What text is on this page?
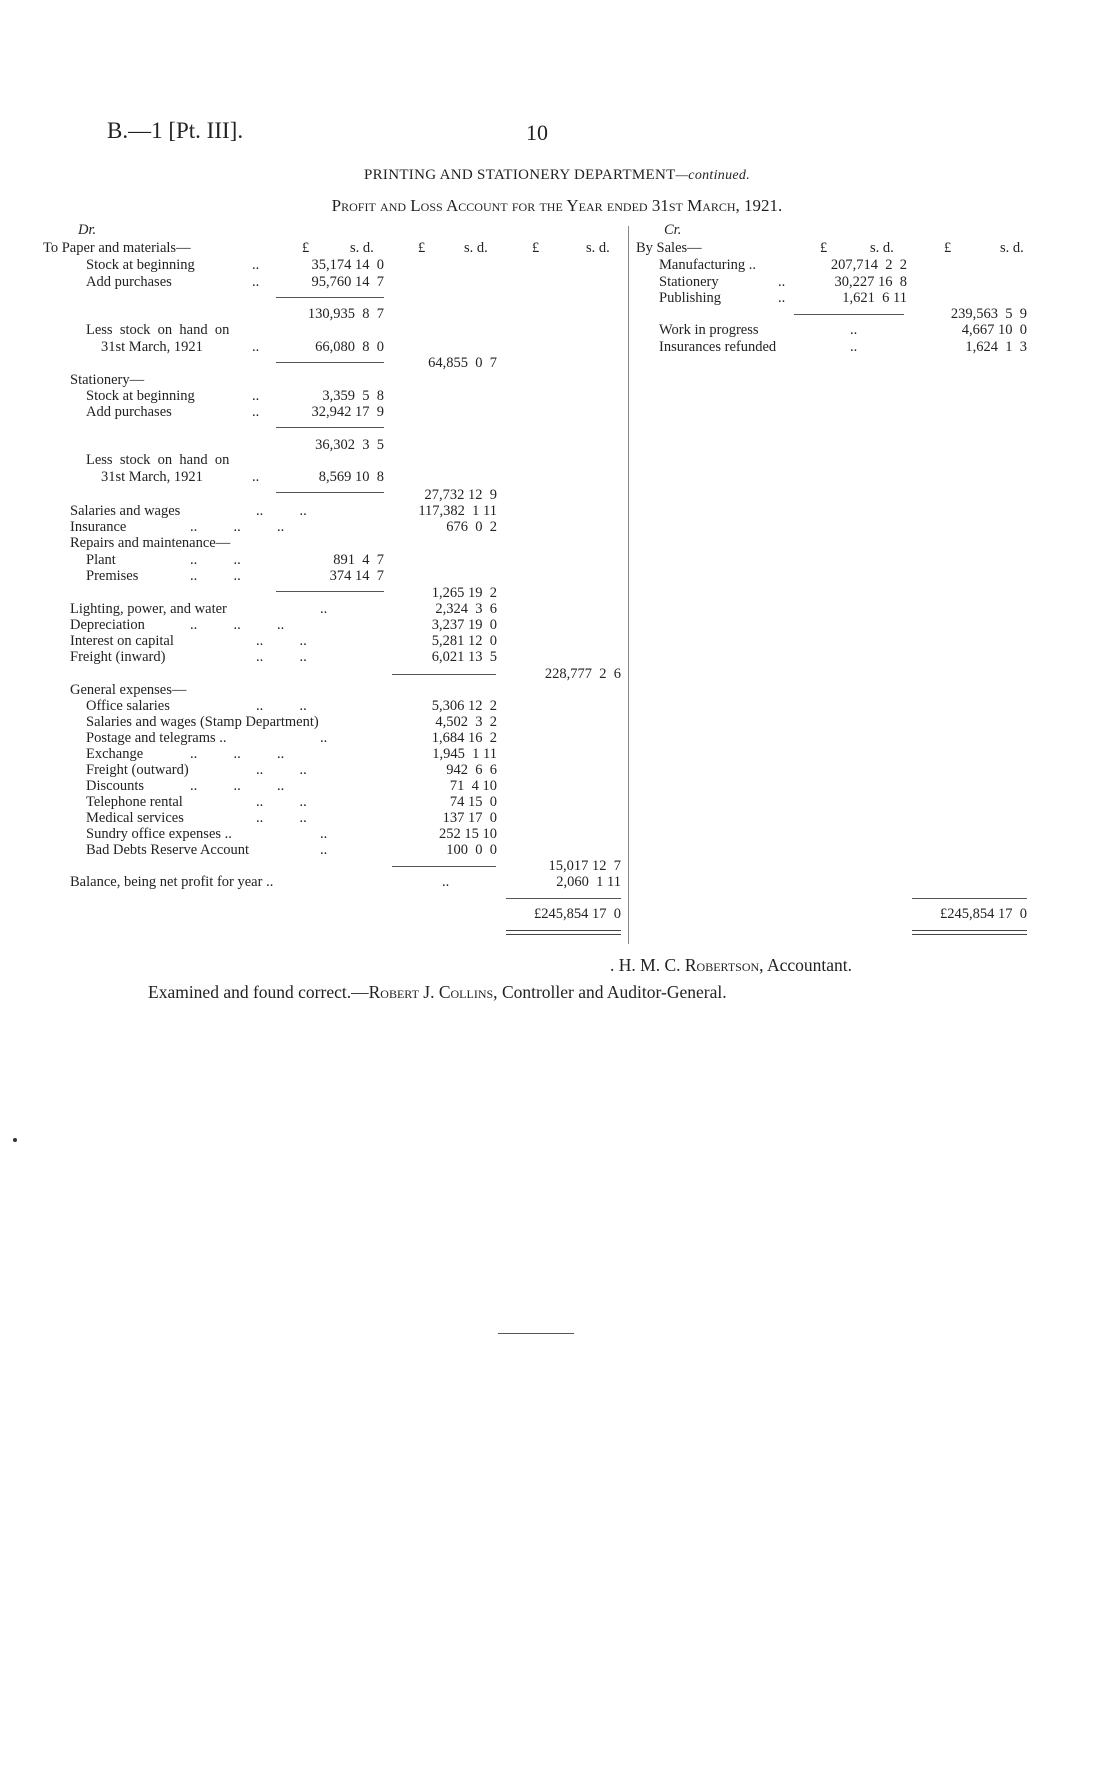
B.—1 [Pt. III].	10
PRINTING AND STATIONERY DEPARTMENT—continued.
Profit and Loss Account for the Year ended 31st March, 1921.
Dr.
£	s. d.	£	s. d.	£	s. d.
To Paper and materials—
Stock at beginning	..	35,174 14  0
Add purchases	..	95,760 14  7
130,935  8  7
Less  stock  on  hand  on
31st March, 1921	..	66,080  8  0
64,855  0  7
Stationery—
Stock at beginning	..	3,359  5  8
Add purchases	..	32,942 17  9
36,302  3  5
Less  stock  on  hand  on
31st March, 1921	..	8,569 10  8
27,732 12  9
Salaries and wages	..          ..	117,382  1 11
Insurance	..          ..          ..	676  0  2
Repairs and maintenance—
Plant	..          ..	891  4  7
Premises	..          ..	374 14  7
1,265 19  2
Lighting, power, and water	..	2,324  3  6
Depreciation	..          ..          ..	3,237 19  0
Interest on capital	..          ..	5,281 12  0
Freight (inward)	..          ..	6,021 13  5
228,777  2  6
General expenses—
Office salaries	..          ..	5,306 12  2
Salaries and wages (Stamp Department)	4,502  3  2
Postage and telegrams ..	..	1,684 16  2
Exchange	..          ..          ..	1,945  1 11
Freight (outward)	..          ..	942  6  6
Discounts	..          ..          ..	71  4 10
Telephone rental	..          ..	74 15  0
Medical services	..          ..	137 17  0
Sundry office expenses ..	..	252 15 10
Bad Debts Reserve Account	..	100  0  0
15,017 12  7
Balance, being net profit for year ..	..	2,060  1 11
£245,854 17  0
Cr.
£	s. d.	£	s. d.
By Sales—
Manufacturing ..	207,714  2  2
Stationery	..	30,227 16  8
Publishing	..	1,621  6 11
239,563  5  9
Work in progress	..	4,667 10  0
Insurances refunded	..	1,624  1  3
£245,854 17  0
. H. M. C. Robertson, Accountant.
Examined and found correct.—Robert J. Collins, Controller and Auditor-General.
